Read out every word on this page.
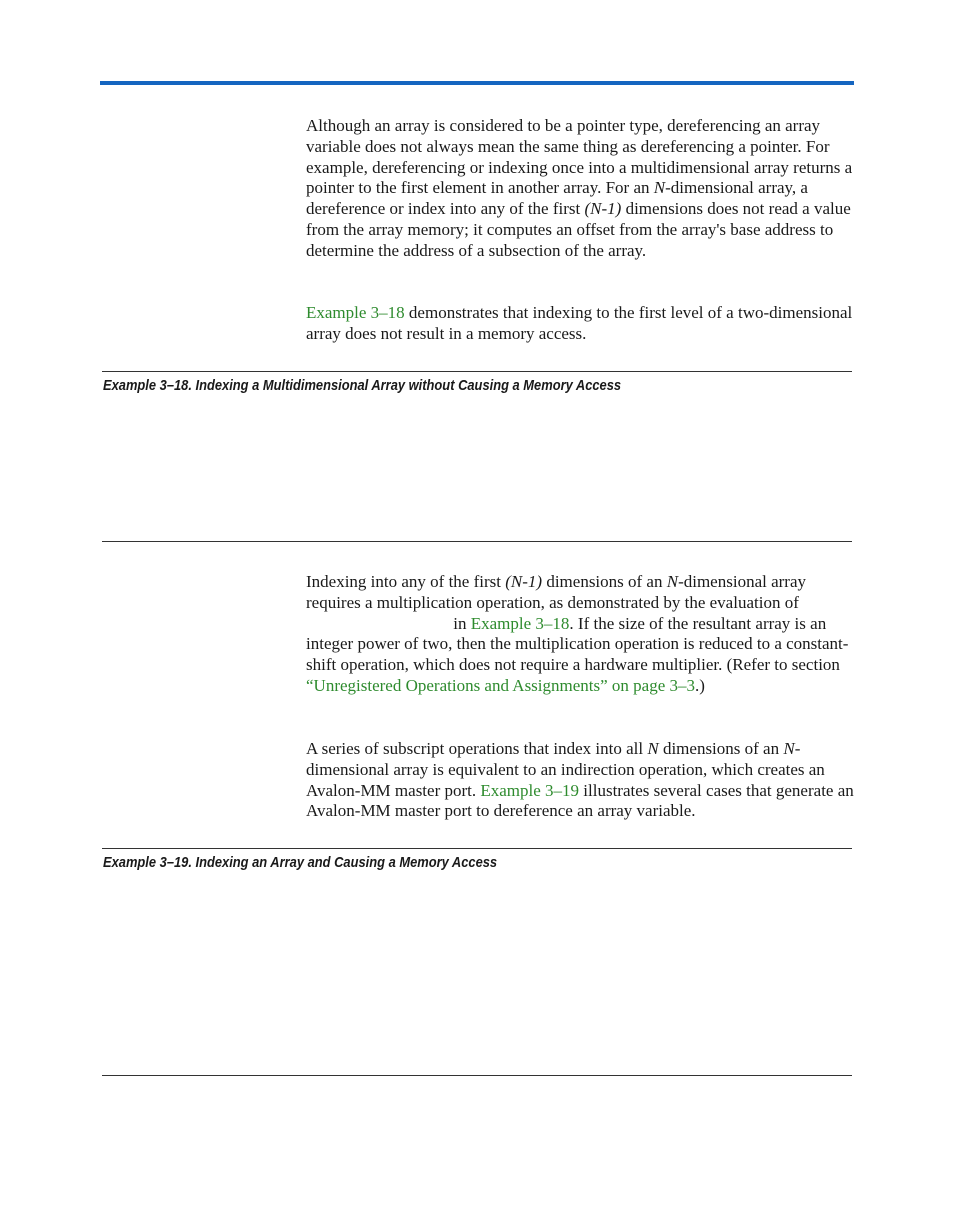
Although an array is considered to be a pointer type, dereferencing an array variable does not always mean the same thing as dereferencing a pointer. For example, dereferencing or indexing once into a multidimensional array returns a pointer to the first element in another array. For an N-dimensional array, a dereference or index into any of the first (N-1) dimensions does not read a value from the array memory; it computes an offset from the array's base address to determine the address of a subsection of the array.

Example 3–18 demonstrates that indexing to the first level of a two-dimensional array does not result in a memory access.

Example 3–18. Indexing a Multidimensional Array without Causing a Memory Access

Indexing into any of the first (N-1) dimensions of an N-dimensional array requires a multiplication operation, as demonstrated by the evaluation of
in Example 3–18. If the size of the resultant array is an integer power of two, then the multiplication operation is reduced to a constant-shift operation, which does not require a hardware multiplier. (Refer to section “Unregistered Operations and Assignments” on page 3–3.)

A series of subscript operations that index into all N dimensions of an N-dimensional array is equivalent to an indirection operation, which creates an Avalon-MM master port. Example 3–19 illustrates several cases that generate an Avalon-MM master port to dereference an array variable.

Example 3–19. Indexing an Array and Causing a Memory Access
